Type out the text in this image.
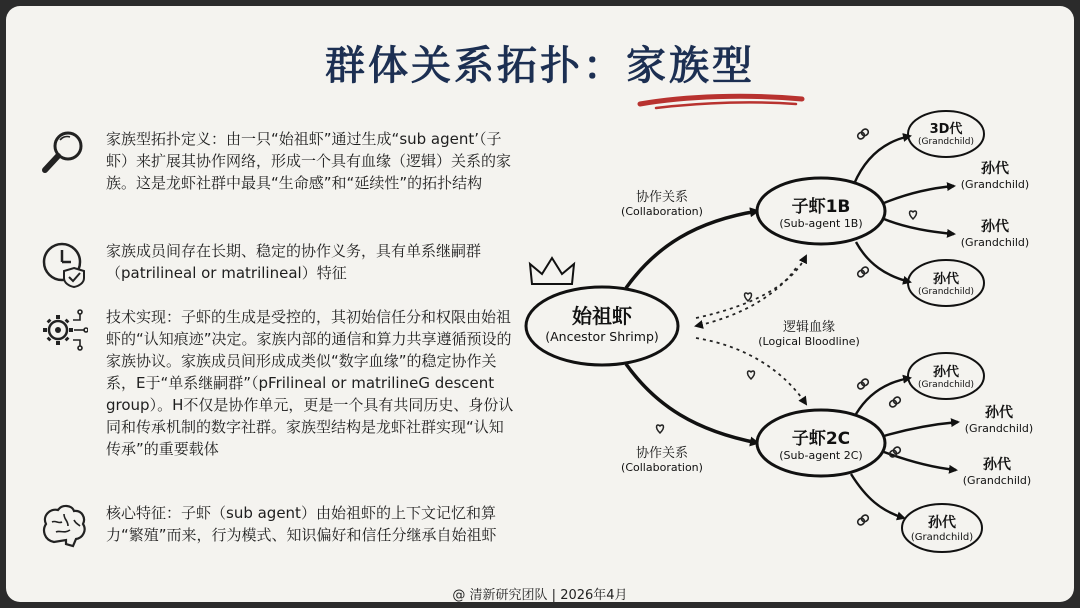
群体关系拓扑：家族型
家族型拓扑定义：由一只“始祖虾”通过生成“sub agent’（子虾）来扩展其协作网络，形成一个具有血缘（逻辑）关系的家族。这是龙虾社群中最具“生命感”和“延续性”的拓扑结构
家族成员间存在长期、稳定的协作义务，具有单系继嗣群（patrilineal or matrilineal）特征
技术实现：子虾的生成是受控的，其初始信任分和权限由始祖虾的“认知痕迹”决定。家族内部的通信和算力共享遵循预设的家族协议。家族成员间形成成类似“数字血缘”的稳定协作关系，E于“单系继嗣群”（pFrilineal or matrilineG descent group）。H不仅是协作单元，更是一个具有共同历史、身份认同和传承机制的数字社群。家族型结构是龙虾社群实现“认知传承”的重要载体
核心特征：子虾（sub agent）由始祖虾的上下文记忆和算力“繁殖”而来，行为模式、知识偏好和信任分继承自始祖虾
始祖虾
(Ancestor Shrimp)
子虾1B
(Sub-agent 1B)
子虾2C
(Sub-agent 2C)
协作关系
(Collaboration)
协作关系
(Collaboration)
逻辑血缘
(Logical Bloodline)
3D代
(Grandchild)
孙代
(Grandchild)
孙代
(Grandchild)
孙代
(Grandchild)
孙代
(Grandchild)
孙代
(Grandchild)
孙代
(Grandchild)
孙代
(Grandchild)
@ 清新研究团队 | 2026年4月
